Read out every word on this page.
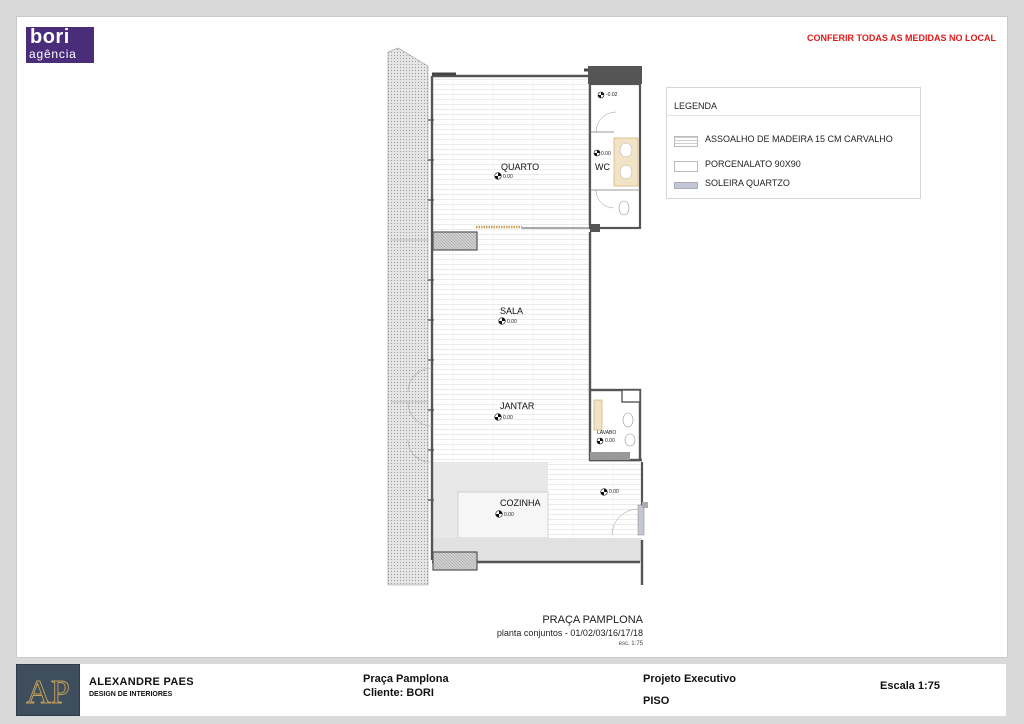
bori
agência
CONFERIR TODAS AS MEDIDAS NO LOCAL
LEGENDA
ASSOALHO DE MADEIRA 15 CM CARVALHO
PORCENALATO 90X90
SOLEIRA QUARTZO
QUARTO
0.00
WC
0.00
-0.02
SALA
0.00
JANTAR
0.00
LAVABO
0.00
COZINHA
0.00
0.00
PRAÇA PAMPLONA
planta conjuntos - 01/02/03/16/17/18
esc. 1:75
AP ALEXANDRE PAES
DESIGN DE INTERIORES
Praça Pamplona
Cliente: BORI
Projeto Executivo
PISO
Escala 1:75
